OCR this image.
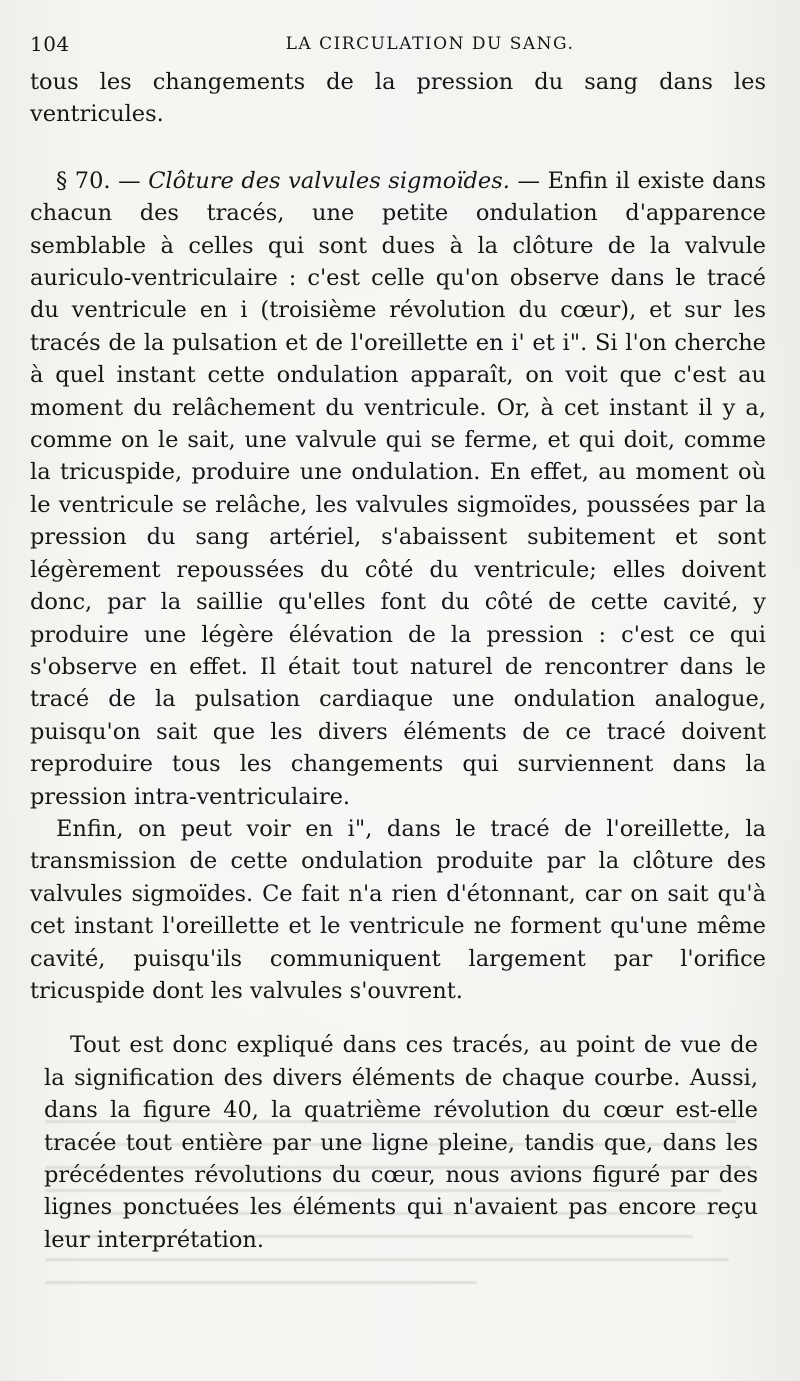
104	LA CIRCULATION DU SANG.

tous les changements de la pression du sang dans les ventricules.

§ 70. — Clôture des valvules sigmoïdes. — Enfin il existe dans chacun des tracés, une petite ondulation d'apparence semblable à celles qui sont dues à la clôture de la valvule auriculo-ventriculaire : c'est celle qu'on observe dans le tracé du ventricule en i (troisième révolution du cœur), et sur les tracés de la pulsation et de l'oreillette en i' et i". Si l'on cherche à quel instant cette ondulation apparaît, on voit que c'est au moment du relâchement du ventricule. Or, à cet instant il y a, comme on le sait, une valvule qui se ferme, et qui doit, comme la tricuspide, produire une ondulation. En effet, au moment où le ventricule se relâche, les valvules sigmoïdes, poussées par la pression du sang artériel, s'abaissent subitement et sont légèrement repoussées du côté du ventricule; elles doivent donc, par la saillie qu'elles font du côté de cette cavité, y produire une légère élévation de la pression : c'est ce qui s'observe en effet. Il était tout naturel de rencontrer dans le tracé de la pulsation cardiaque une ondulation analogue, puisqu'on sait que les divers éléments de ce tracé doivent reproduire tous les changements qui surviennent dans la pression intra-ventriculaire.

Enfin, on peut voir en i", dans le tracé de l'oreillette, la transmission de cette ondulation produite par la clôture des valvules sigmoïdes. Ce fait n'a rien d'étonnant, car on sait qu'à cet instant l'oreillette et le ventricule ne forment qu'une même cavité, puisqu'ils communiquent largement par l'orifice tricuspide dont les valvules s'ouvrent.

Tout est donc expliqué dans ces tracés, au point de vue de la signification des divers éléments de chaque courbe. Aussi, dans la figure 40, la quatrième révolution du cœur est-elle tracée tout entière par une ligne pleine, tandis que, dans les précédentes révolutions du cœur, nous avions figuré par des lignes ponctuées les éléments qui n'avaient pas encore reçu leur interprétation.
